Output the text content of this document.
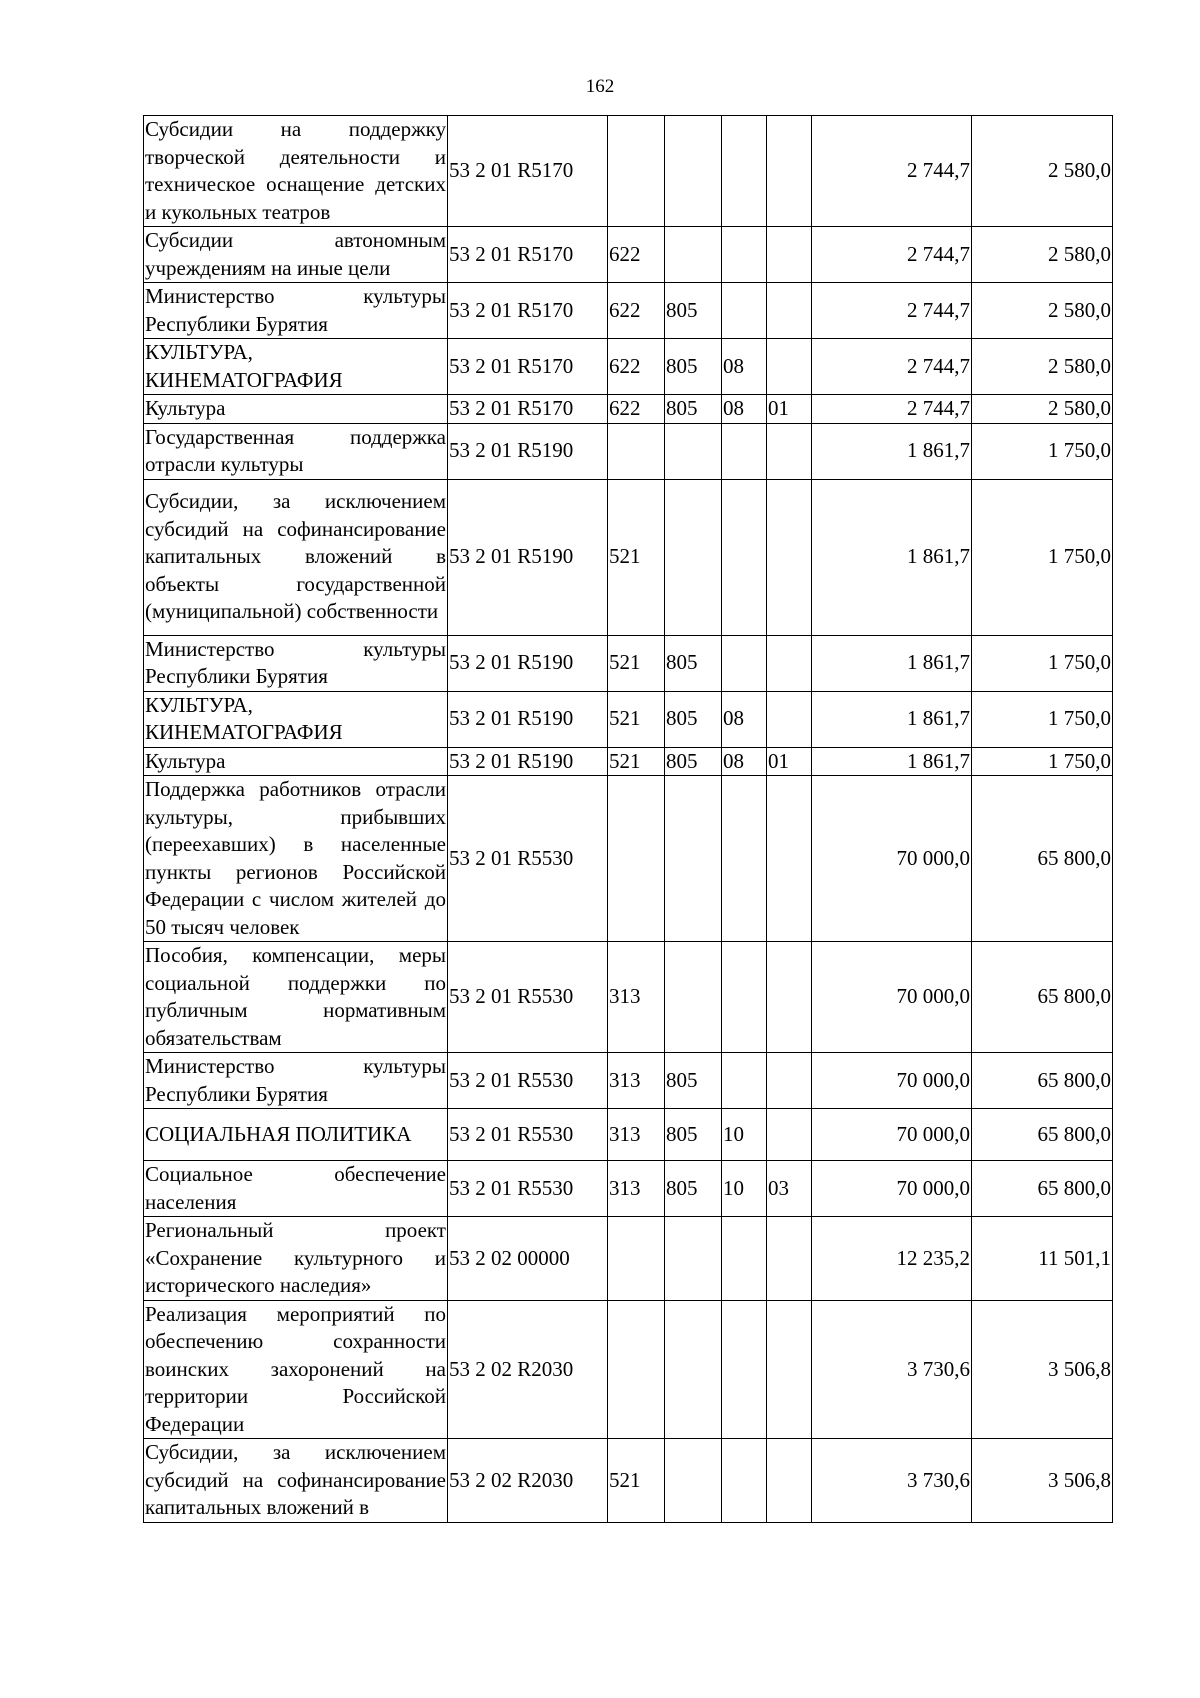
162
Субсидии на поддержку творческой деятельности и техническое оснащение детских и кукольных театров	53 2 01 R5170					2 744,7	2 580,0
Субсидии автономным учреждениям на иные цели	53 2 01 R5170	622				2 744,7	2 580,0
Министерство культуры Республики Бурятия	53 2 01 R5170	622	805			2 744,7	2 580,0
КУЛЬТУРА, КИНЕМАТОГРАФИЯ	53 2 01 R5170	622	805	08		2 744,7	2 580,0
Культура	53 2 01 R5170	622	805	08	01	2 744,7	2 580,0
Государственная поддержка отрасли культуры	53 2 01 R5190					1 861,7	1 750,0
Субсидии, за исключением субсидий на софинансирование капитальных вложений в объекты государственной (муниципальной) собственности	53 2 01 R5190	521				1 861,7	1 750,0
Министерство культуры Республики Бурятия	53 2 01 R5190	521	805			1 861,7	1 750,0
КУЛЬТУРА, КИНЕМАТОГРАФИЯ	53 2 01 R5190	521	805	08		1 861,7	1 750,0
Культура	53 2 01 R5190	521	805	08	01	1 861,7	1 750,0
Поддержка работников отрасли культуры, прибывших (переехавших) в населенные пункты регионов Российской Федерации с числом жителей до 50 тысяч человек	53 2 01 R5530					70 000,0	65 800,0
Пособия, компенсации, меры социальной поддержки по публичным нормативным обязательствам	53 2 01 R5530	313				70 000,0	65 800,0
Министерство культуры Республики Бурятия	53 2 01 R5530	313	805			70 000,0	65 800,0
СОЦИАЛЬНАЯ ПОЛИТИКА	53 2 01 R5530	313	805	10		70 000,0	65 800,0
Социальное обеспечение населения	53 2 01 R5530	313	805	10	03	70 000,0	65 800,0
Региональный проект «Сохранение культурного и исторического наследия»	53 2 02 00000					12 235,2	11 501,1
Реализация мероприятий по обеспечению сохранности воинских захоронений на территории Российской Федерации	53 2 02 R2030					3 730,6	3 506,8
Субсидии, за исключением субсидий на софинансирование капитальных вложений в	53 2 02 R2030	521				3 730,6	3 506,8
